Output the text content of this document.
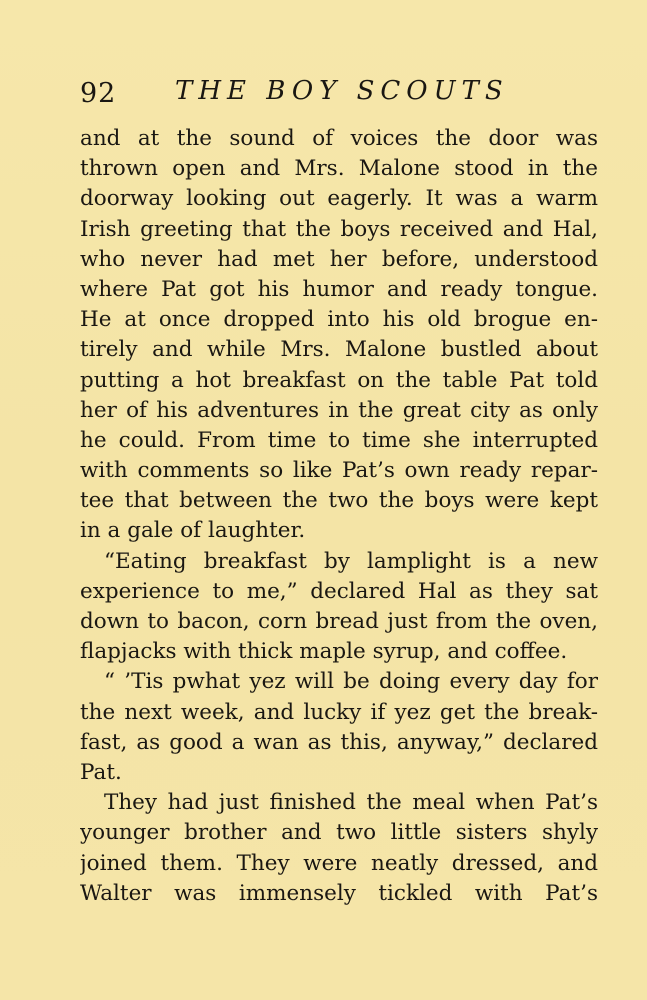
92 THE BOY SCOUTS
and at the sound of voices the door was
thrown open and Mrs. Malone stood in the
doorway looking out eagerly. It was a warm
Irish greeting that the boys received and Hal,
who never had met her before, understood
where Pat got his humor and ready tongue.
He at once dropped into his old brogue en-
tirely and while Mrs. Malone bustled about
putting a hot breakfast on the table Pat told
her of his adventures in the great city as only
he could. From time to time she interrupted
with comments so like Pat’s own ready repar-
tee that between the two the boys were kept
in a gale of laughter.
“Eating breakfast by lamplight is a new
experience to me,” declared Hal as they sat
down to bacon, corn bread just from the oven,
flapjacks with thick maple syrup, and coffee.
“ ’Tis pwhat yez will be doing every day for
the next week, and lucky if yez get the break-
fast, as good a wan as this, anyway,” declared
Pat.
They had just finished the meal when Pat’s
younger brother and two little sisters shyly
joined them. They were neatly dressed, and
Walter was immensely tickled with Pat’s
